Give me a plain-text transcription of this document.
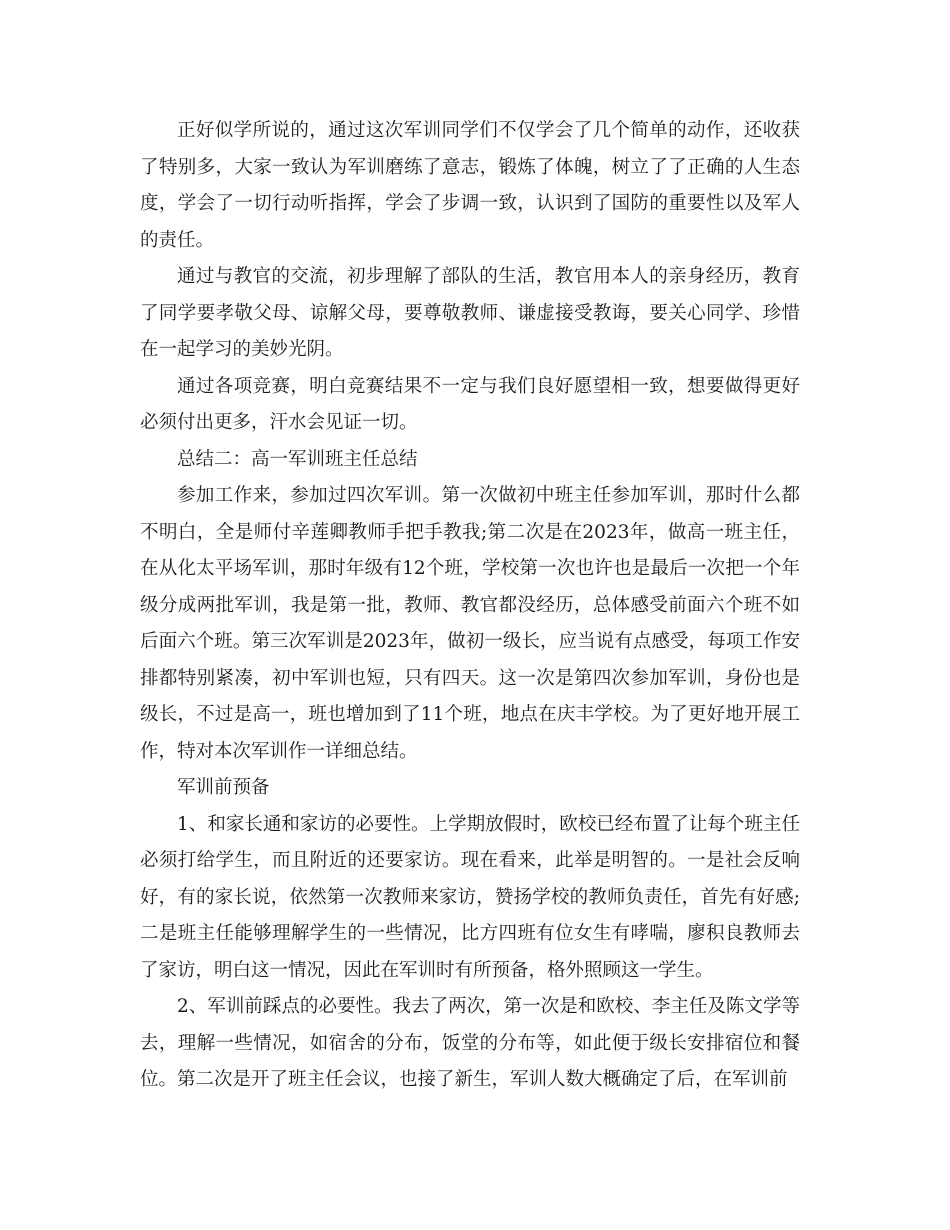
正好似学所说的，通过这次军训同学们不仅学会了几个简单的动作，还收获了特别多，大家一致认为军训磨练了意志，锻炼了体魄，树立了了正确的人生态度，学会了一切行动听指挥，学会了步调一致，认识到了国防的重要性以及军人的责任。

通过与教官的交流，初步理解了部队的生活，教官用本人的亲身经历，教育了同学要孝敬父母、谅解父母，要尊敬教师、谦虚接受教诲，要关心同学、珍惜在一起学习的美妙光阴。

通过各项竞赛，明白竞赛结果不一定与我们良好愿望相一致，想要做得更好必须付出更多，汗水会见证一切。

总结二：高一军训班主任总结

参加工作来，参加过四次军训。第一次做初中班主任参加军训，那时什么都不明白，全是师付辛莲卿教师手把手教我;第二次是在2023年，做高一班主任，在从化太平场军训，那时年级有12个班，学校第一次也许也是最后一次把一个年级分成两批军训，我是第一批，教师、教官都没经历，总体感受前面六个班不如后面六个班。第三次军训是2023年，做初一级长，应当说有点感受，每项工作安排都特别紧凑，初中军训也短，只有四天。这一次是第四次参加军训，身份也是级长，不过是高一，班也增加到了11个班，地点在庆丰学校。为了更好地开展工作，特对本次军训作一详细总结。

军训前预备

1、和家长通和家访的必要性。上学期放假时，欧校已经布置了让每个班主任必须打给学生，而且附近的还要家访。现在看来，此举是明智的。一是社会反响好，有的家长说，依然第一次教师来家访，赞扬学校的教师负责任，首先有好感;二是班主任能够理解学生的一些情况，比方四班有位女生有哮喘，廖积良教师去了家访，明白这一情况，因此在军训时有所预备，格外照顾这一学生。

2、军训前踩点的必要性。我去了两次，第一次是和欧校、李主任及陈文学等去，理解一些情况，如宿舍的分布，饭堂的分布等，如此便于级长安排宿位和餐位。第二次是开了班主任会议，也接了新生，军训人数大概确定了后，在军训前
